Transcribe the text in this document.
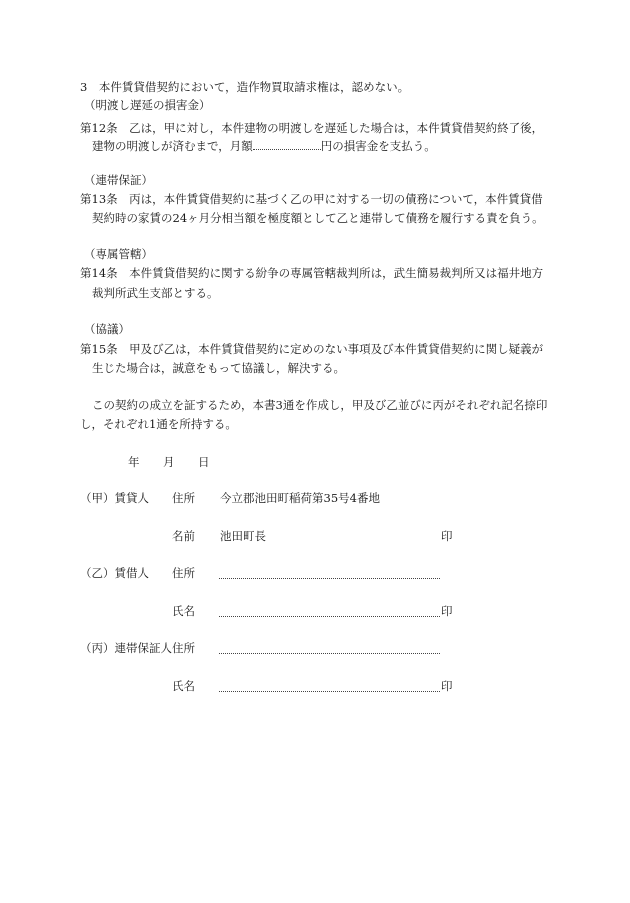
3　本件賃貸借契約において，造作物買取請求権は，認めない。
（明渡し遅延の損害金）
第12条　乙は，甲に対し，本件建物の明渡しを遅延した場合は，本件賃貸借契約終了後，
建物の明渡しが済むまで，月額	円の損害金を支払う。
（連帯保証）
第13条　丙は，本件賃貸借契約に基づく乙の甲に対する一切の債務について，本件賃貸借
契約時の家賃の24ヶ月分相当額を極度額として乙と連帯して債務を履行する責を負う。
（専属管轄）
第14条　本件賃貸借契約に関する紛争の専属管轄裁判所は，武生簡易裁判所又は福井地方
裁判所武生支部とする。
（協議）
第15条　甲及び乙は，本件賃貸借契約に定めのない事項及び本件賃貸借契約に関し疑義が
生じた場合は，誠意をもって協議し，解決する。
この契約の成立を証するため，本書3通を作成し，甲及び乙並びに丙がそれぞれ記名捺印
し，それぞれ1通を所持する。
年 月 日
（甲）賃貸人 住所 今立郡池田町稲荷第35号4番地
名前 池田町長	印
（乙）賃借人 住所
氏名	印
（丙）連帯保証人 住所
氏名	印
